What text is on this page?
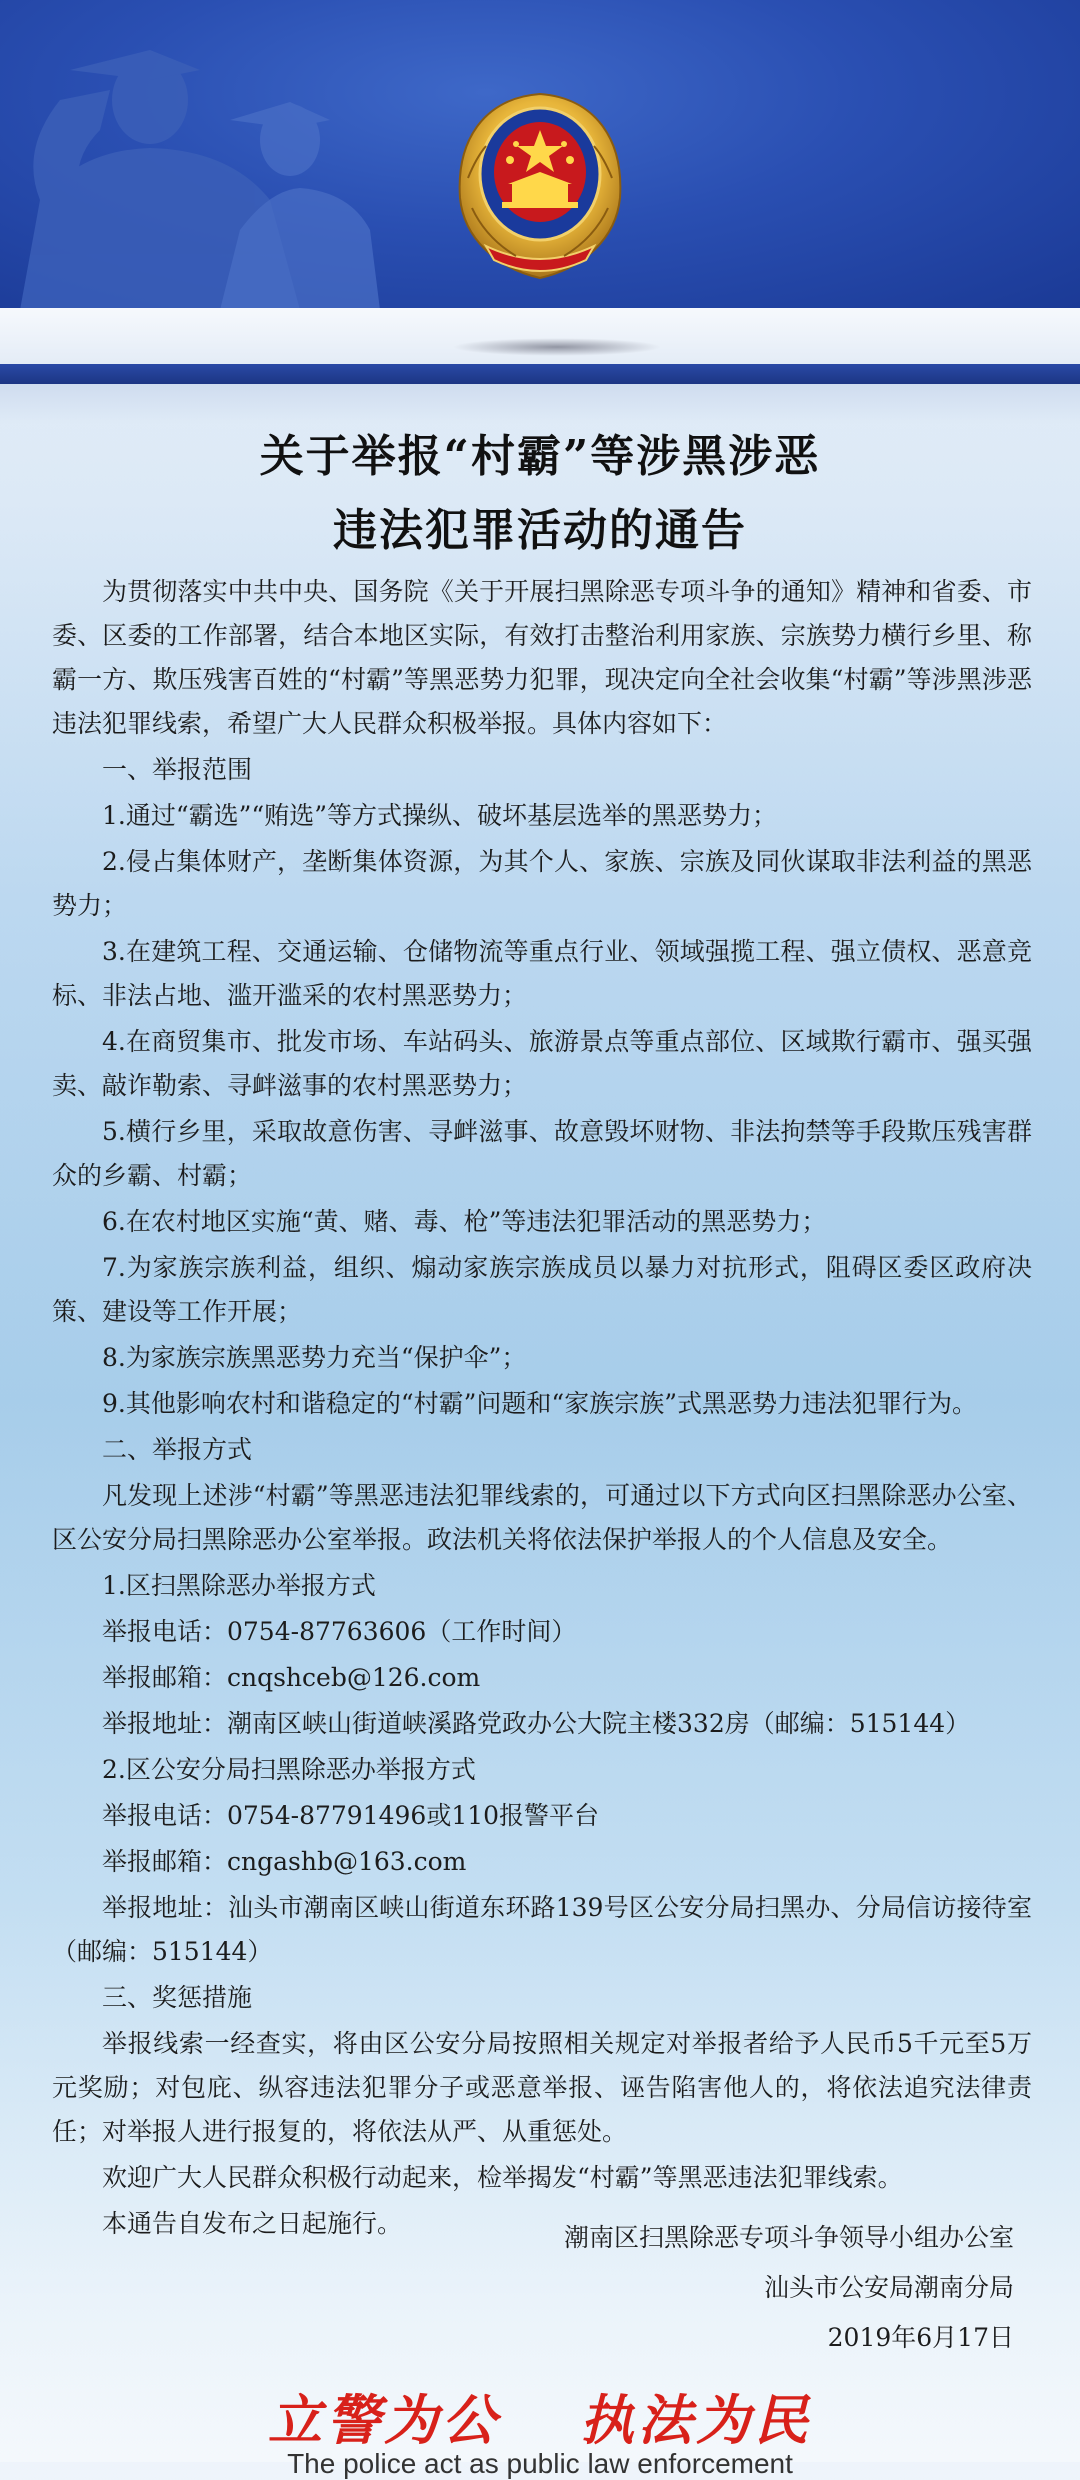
关于举报“村霸”等涉黑涉恶
违法犯罪活动的通告

为贯彻落实中共中央、国务院《关于开展扫黑除恶专项斗争的通知》精神和省委、市委、区委的工作部署，结合本地区实际，有效打击整治利用家族、宗族势力横行乡里、称霸一方、欺压残害百姓的“村霸”等黑恶势力犯罪，现决定向全社会收集“村霸”等涉黑涉恶违法犯罪线索，希望广大人民群众积极举报。具体内容如下：

一、举报范围

1.通过“霸选”“贿选”等方式操纵、破坏基层选举的黑恶势力；

2.侵占集体财产，垄断集体资源，为其个人、家族、宗族及同伙谋取非法利益的黑恶势力；

3.在建筑工程、交通运输、仓储物流等重点行业、领域强揽工程、强立债权、恶意竞标、非法占地、滥开滥采的农村黑恶势力；

4.在商贸集市、批发市场、车站码头、旅游景点等重点部位、区域欺行霸市、强买强卖、敲诈勒索、寻衅滋事的农村黑恶势力；

5.横行乡里，采取故意伤害、寻衅滋事、故意毁坏财物、非法拘禁等手段欺压残害群众的乡霸、村霸；

6.在农村地区实施“黄、赌、毒、枪”等违法犯罪活动的黑恶势力；

7.为家族宗族利益，组织、煽动家族宗族成员以暴力对抗形式，阻碍区委区政府决策、建设等工作开展；

8.为家族宗族黑恶势力充当“保护伞”；

9.其他影响农村和谐稳定的“村霸”问题和“家族宗族”式黑恶势力违法犯罪行为。

二、举报方式

凡发现上述涉“村霸”等黑恶违法犯罪线索的，可通过以下方式向区扫黑除恶办公室、区公安分局扫黑除恶办公室举报。政法机关将依法保护举报人的个人信息及安全。

1.区扫黑除恶办举报方式

举报电话：0754-87763606（工作时间）

举报邮箱：cnqshceb@126.com

举报地址：潮南区峡山街道峡溪路党政办公大院主楼332房（邮编：515144）

2.区公安分局扫黑除恶办举报方式

举报电话：0754-87791496或110报警平台

举报邮箱：cngashb@163.com

举报地址：汕头市潮南区峡山街道东环路139号区公安分局扫黑办、分局信访接待室（邮编：515144）

三、奖惩措施

举报线索一经查实，将由区公安分局按照相关规定对举报者给予人民币5千元至5万元奖励；对包庇、纵容违法犯罪分子或恶意举报、诬告陷害他人的，将依法追究法律责任；对举报人进行报复的，将依法从严、从重惩处。

欢迎广大人民群众积极行动起来，检举揭发“村霸”等黑恶违法犯罪线索。

本通告自发布之日起施行。	潮南区扫黑除恶专项斗争领导小组办公室

汕头市公安局潮南分局

2019年6月17日

立警为公 执法为民
The police act as public law enforcement
